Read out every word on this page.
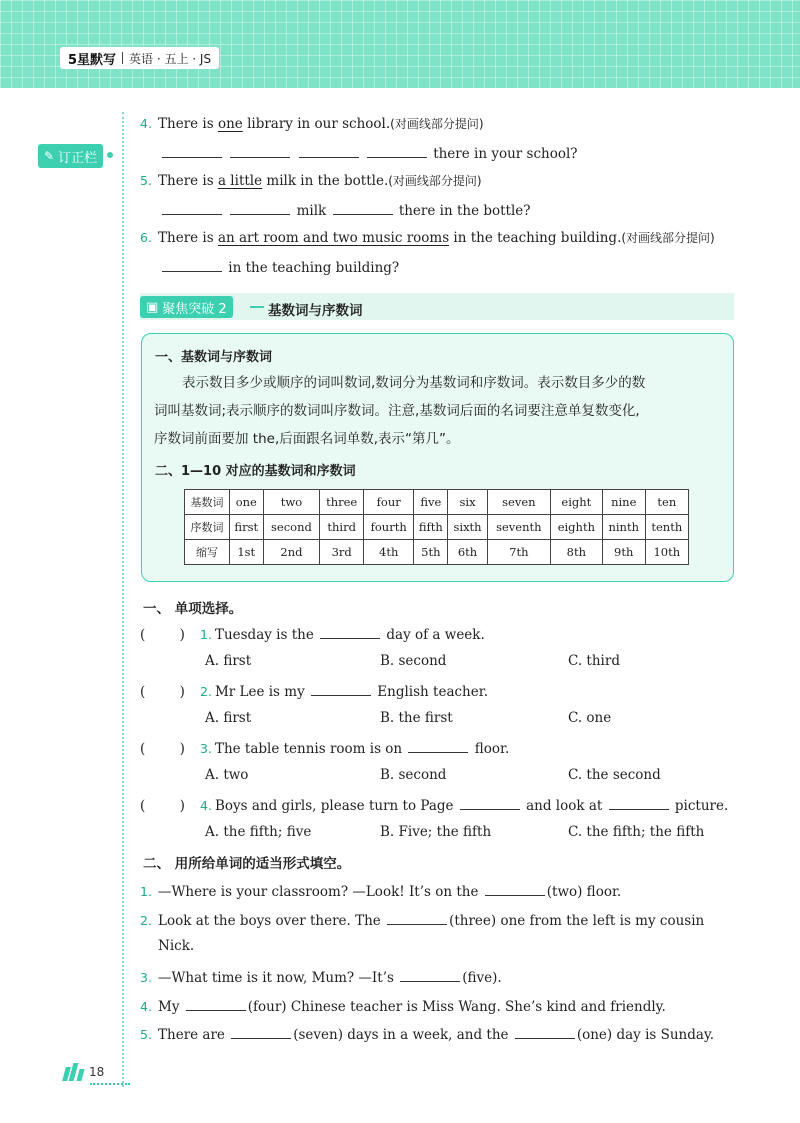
5星默写 英语 · 五上 · JS
✎ 订正栏
4. There is one library in our school.(对画线部分提问)
there in your school?
5. There is a little milk in the bottle.(对画线部分提问)
milk	there in the bottle?
6. There is an art room and two music rooms in the teaching building.(对画线部分提问)
in the teaching building?
▣ 聚焦突破 2	基数词与序数词
一、基数词与序数词
表示数目多少或顺序的词叫数词,数词分为基数词和序数词。表示数目多少的数
词叫基数词;表示顺序的数词叫序数词。注意,基数词后面的名词要注意单复数变化,
序数词前面要加 the,后面跟名词单数,表示“第几”。
二、1—10 对应的基数词和序数词
基数词	one	two	three	four	five	six	seven	eight	nine	ten
序数词	first	second	third	fourth	fifth	sixth	seventh	eighth	ninth	tenth
缩写	1st	2nd	3rd	4th	5th	6th	7th	8th	9th	10th
一、 单项选择。
(        ) 1. Tuesday is the	day of a week.
A. first	B. second	C. third
(        ) 2. Mr Lee is my	English teacher.
A. first	B. the first	C. one
(        ) 3. The table tennis room is on	floor.
A. two	B. second	C. the second
(        ) 4. Boys and girls, please turn to Page	and look at	picture.
A. the fifth; five	B. Five; the fifth	C. the fifth; the fifth
二、 用所给单词的适当形式填空。
1. —Where is your classroom? —Look! It’s on the	(two) floor.
2. Look at the boys over there. The	(three) one from the left is my cousin
Nick.
3. —What time is it now, Mum? —It’s	(five).
4. My	(four) Chinese teacher is Miss Wang. She’s kind and friendly.
5. There are	(seven) days in a week, and the	(one) day is Sunday.
18
